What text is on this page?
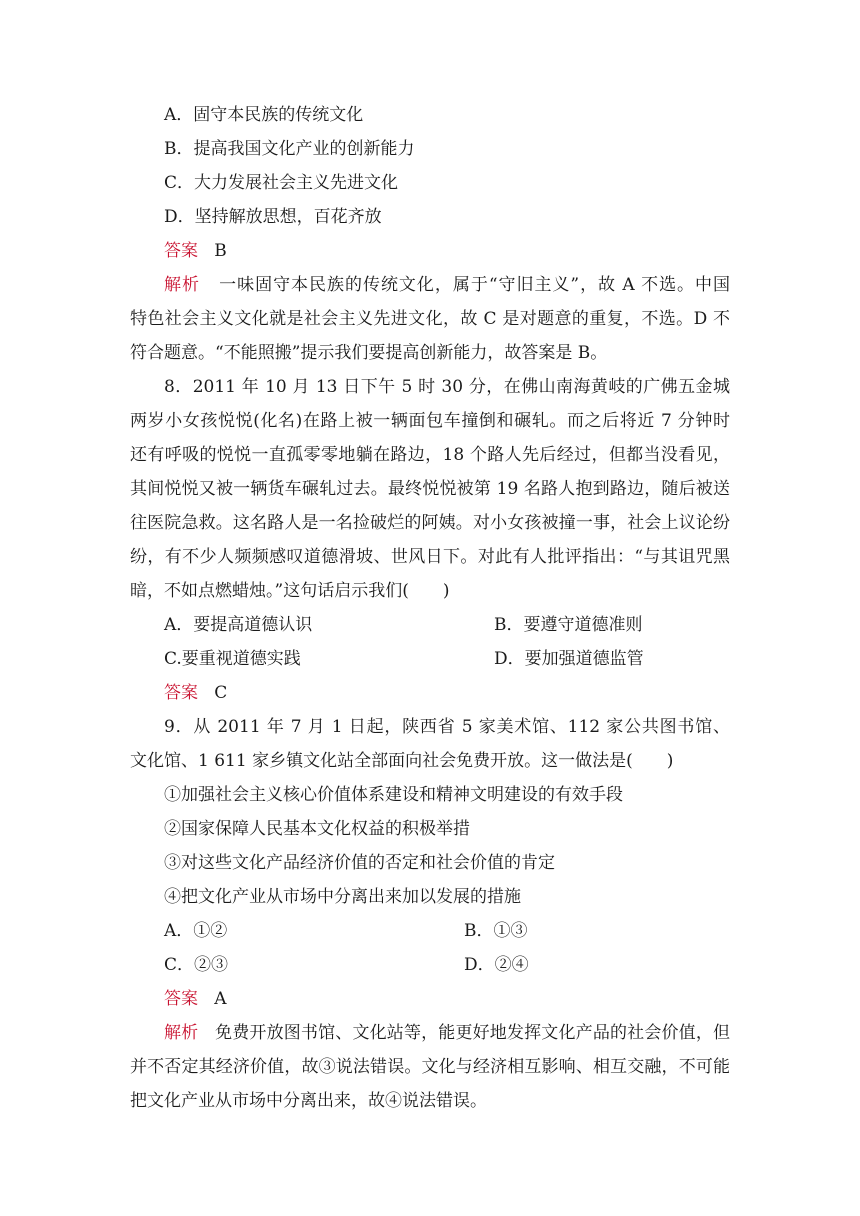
A．固守本民族的传统文化
B．提高我国文化产业的创新能力
C．大力发展社会主义先进文化
D．坚持解放思想，百花齐放
答案 B
解析 一味固守本民族的传统文化，属于“守旧主义”，故 A 不选。中国
特色社会主义文化就是社会主义先进文化，故 C 是对题意的重复，不选。D 不
符合题意。“不能照搬”提示我们要提高创新能力，故答案是 B。
8．2011 年 10 月 13 日下午 5 时 30 分，在佛山南海黄岐的广佛五金城
两岁小女孩悦悦(化名)在路上被一辆面包车撞倒和碾轧。而之后将近 7 分钟时
还有呼吸的悦悦一直孤零零地躺在路边，18 个路人先后经过，但都当没看见，
其间悦悦又被一辆货车碾轧过去。最终悦悦被第 19 名路人抱到路边，随后被送
往医院急救。这名路人是一名捡破烂的阿姨。对小女孩被撞一事，社会上议论纷
纷，有不少人频频感叹道德滑坡、世风日下。对此有人批评指出：“与其诅咒黑
暗，不如点燃蜡烛。”这句话启示我们(　　)
A．要提高道德认识	B．要遵守道德准则
C.要重视道德实践	D．要加强道德监管
答案 C
9．从 2011 年 7 月 1 日起，陕西省 5 家美术馆、112 家公共图书馆、
文化馆、1 611 家乡镇文化站全部面向社会免费开放。这一做法是(　　)
①加强社会主义核心价值体系建设和精神文明建设的有效手段
②国家保障人民基本文化权益的积极举措
③对这些文化产品经济价值的否定和社会价值的肯定
④把文化产业从市场中分离出来加以发展的措施
A．①②	B．①③
C．②③	D．②④
答案 A
解析 免费开放图书馆、文化站等，能更好地发挥文化产品的社会价值，但
并不否定其经济价值，故③说法错误。文化与经济相互影响、相互交融，不可能
把文化产业从市场中分离出来，故④说法错误。
